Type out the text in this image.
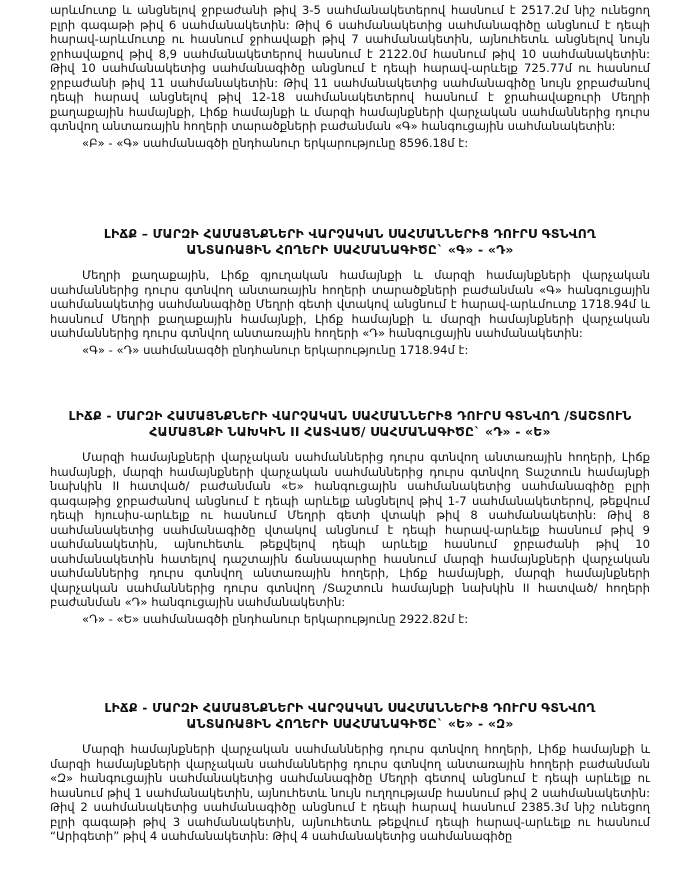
արևմուտք և անցնելով ջրբաժանի թիվ 3-5 սահմանակետերով հասնում է 2517.2մ նիշ ունեցող բլրի գագաթի թիվ 6 սահմանակետին: Թիվ 6 սահմանակետից սահմանագիծը անցնում է դեպի հարավ-արևմուտք ու հասնում ջրհավաքի թիվ 7 սահմանակետին, այնուհետև անցնելով նույն ջրհավաքով թիվ 8,9 սահմանակետերով հասնում է 2122.0մ հասնում թիվ 10 սահմանակետին: Թիվ 10 սահմանակետից սահմանագիծը անցնում է դեպի հարավ-արևելք 725.77մ ու հասնում ջրբաժանի թիվ 11 սահմանակետին: Թիվ 11 սահմանակետից սահմանագիծը նույն ջրբաժանով դեպի հարավ անցնելով թիվ 12-18 սահմանակետերով հասնում է ջրահավաքուրի Մեղրի քաղաքային համայնքի, Լիճք համայնքի և մարզի համայնքների վարչական սահմաններից դուրս գտնվող անտառային հողերի տարածքների բաժանման «Գ» հանգուցային սահմանակետին:

«Բ» - «Գ» սահմանագծի ընդհանուր երկարությունը 8596.18մ է:

ԼԻՃՔ – ՄԱՐԶԻ ՀԱՄԱՅՆՔՆԵՐԻ ՎԱՐՉԱԿԱՆ ՍԱՀՄԱՆՆԵՐԻՑ ԴՈՒՐՍ ԳՏՆՎՈՂ

ԱՆՏԱՌԱՅԻՆ ՀՈՂԵՐԻ ՍԱՀՄԱՆԱԳԻԾԸ` «Գ» - «Դ»

Մեղրի քաղաքային, Լիճք գյուղական համայնքի և մարզի համայնքների վարչական սահմաններից դուրս գտնվող անտառային հողերի տարածքների բաժանման «Գ» հանգուցային սահմանակետից սահմանագիծը Մեղրի գետի վտակով անցնում է հարավ-արևմուտք 1718.94մ և հասնում Մեղրի քաղաքային համայնքի, Լիճք համայնքի և մարզի համայնքների վարչական սահմաններից դուրս գտնվող անտառային հողերի «Դ» հանգուցային սահմանակետին:

«Գ» - «Դ» սահմանագծի ընդհանուր երկարությունը 1718.94մ է:

ԼԻՃՔ - ՄԱՐԶԻ ՀԱՄԱՅՆՔՆԵՐԻ ՎԱՐՉԱԿԱՆ ՍԱՀՄԱՆՆԵՐԻՑ ԴՈՒՐՍ ԳՏՆՎՈՂ /ՏԱՇՏՈՒՆ

ՀԱՄԱՅՆՔԻ ՆԱԽԿԻՆ II ՀԱՏՎԱԾ/ ՍԱՀՄԱՆԱԳԻԾԸ` «Դ» - «Ե»

Մարզի համայնքների վարչական սահմաններից դուրս գտնվող անտառային հողերի, Լիճք համայնքի, մարզի համայնքների վարչական սահմաններից դուրս գտնվող Տաշտուն համայնքի նախկին II հատված/ բաժանման «Ե» հանգուցային սահմանակետից սահմանագիծը բլրի գագաթից ջրբաժանով անցնում է դեպի արևելք անցնելով թիվ 1-7 սահմանակետերով, թեքվում դեպի հյուսիս-արևելք ու հասնում Մեղրի գետի վտակի թիվ 8 սահմանակետին: Թիվ 8 սահմանակետից սահմանագիծը վտակով անցնում է դեպի հարավ-արևելք հասնում թիվ 9 սահմանակետին, այնուհետև թեքվելով դեպի արևելք հասնում ջրբաժանի թիվ 10 սահմանակետին հատելով դաշտային ճանապարհը հասնում մարզի համայնքների վարչական սահմաններից դուրս գտնվող անտառային հողերի, Լիճք համայնքի, մարզի համայնքների վարչական սահմաններից դուրս գտնվող /Տաշտուն համայնքի նախկին II հատված/ հողերի բաժանման «Դ» հանգուցային սահմանակետին:

«Դ» - «Ե» սահմանագծի ընդհանուր երկարությունը 2922.82մ է:

ԼԻՃՔ - ՄԱՐԶԻ ՀԱՄԱՅՆՔՆԵՐԻ ՎԱՐՉԱԿԱՆ ՍԱՀՄԱՆՆԵՐԻՑ ԴՈՒՐՍ ԳՏՆՎՈՂ

ԱՆՏԱՌԱՅԻՆ ՀՈՂԵՐԻ ՍԱՀՄԱՆԱԳԻԾԸ` «Ե» - «Զ»

Մարզի համայնքների վարչական սահմաններից դուրս գտնվող հողերի, Լիճք համայնքի և մարզի համայնքների վարչական սահմաններից դուրս գտնվող անտառային հողերի բաժանման «Զ» հանգուցային սահմանակետից սահմանագիծը Մեղրի գետով անցնում է դեպի արևելք ու հասնում թիվ 1 սահմանակետին, այնուհետև նույն ուղղությամբ հասնում թիվ 2 սահմանակետին: Թիվ 2 սահմանակետից սահմանագիծը անցնում է դեպի հարավ հասնում 2385.3մ նիշ ունեցող բլրի գագաթի թիվ 3 սահմանակետին, այնուհետև թեքվում դեպի հարավ-արևելք ու հասնում “Արիգետի” թիվ 4 սահմանակետին: Թիվ 4 սահմանակետից սահմանագիծը
